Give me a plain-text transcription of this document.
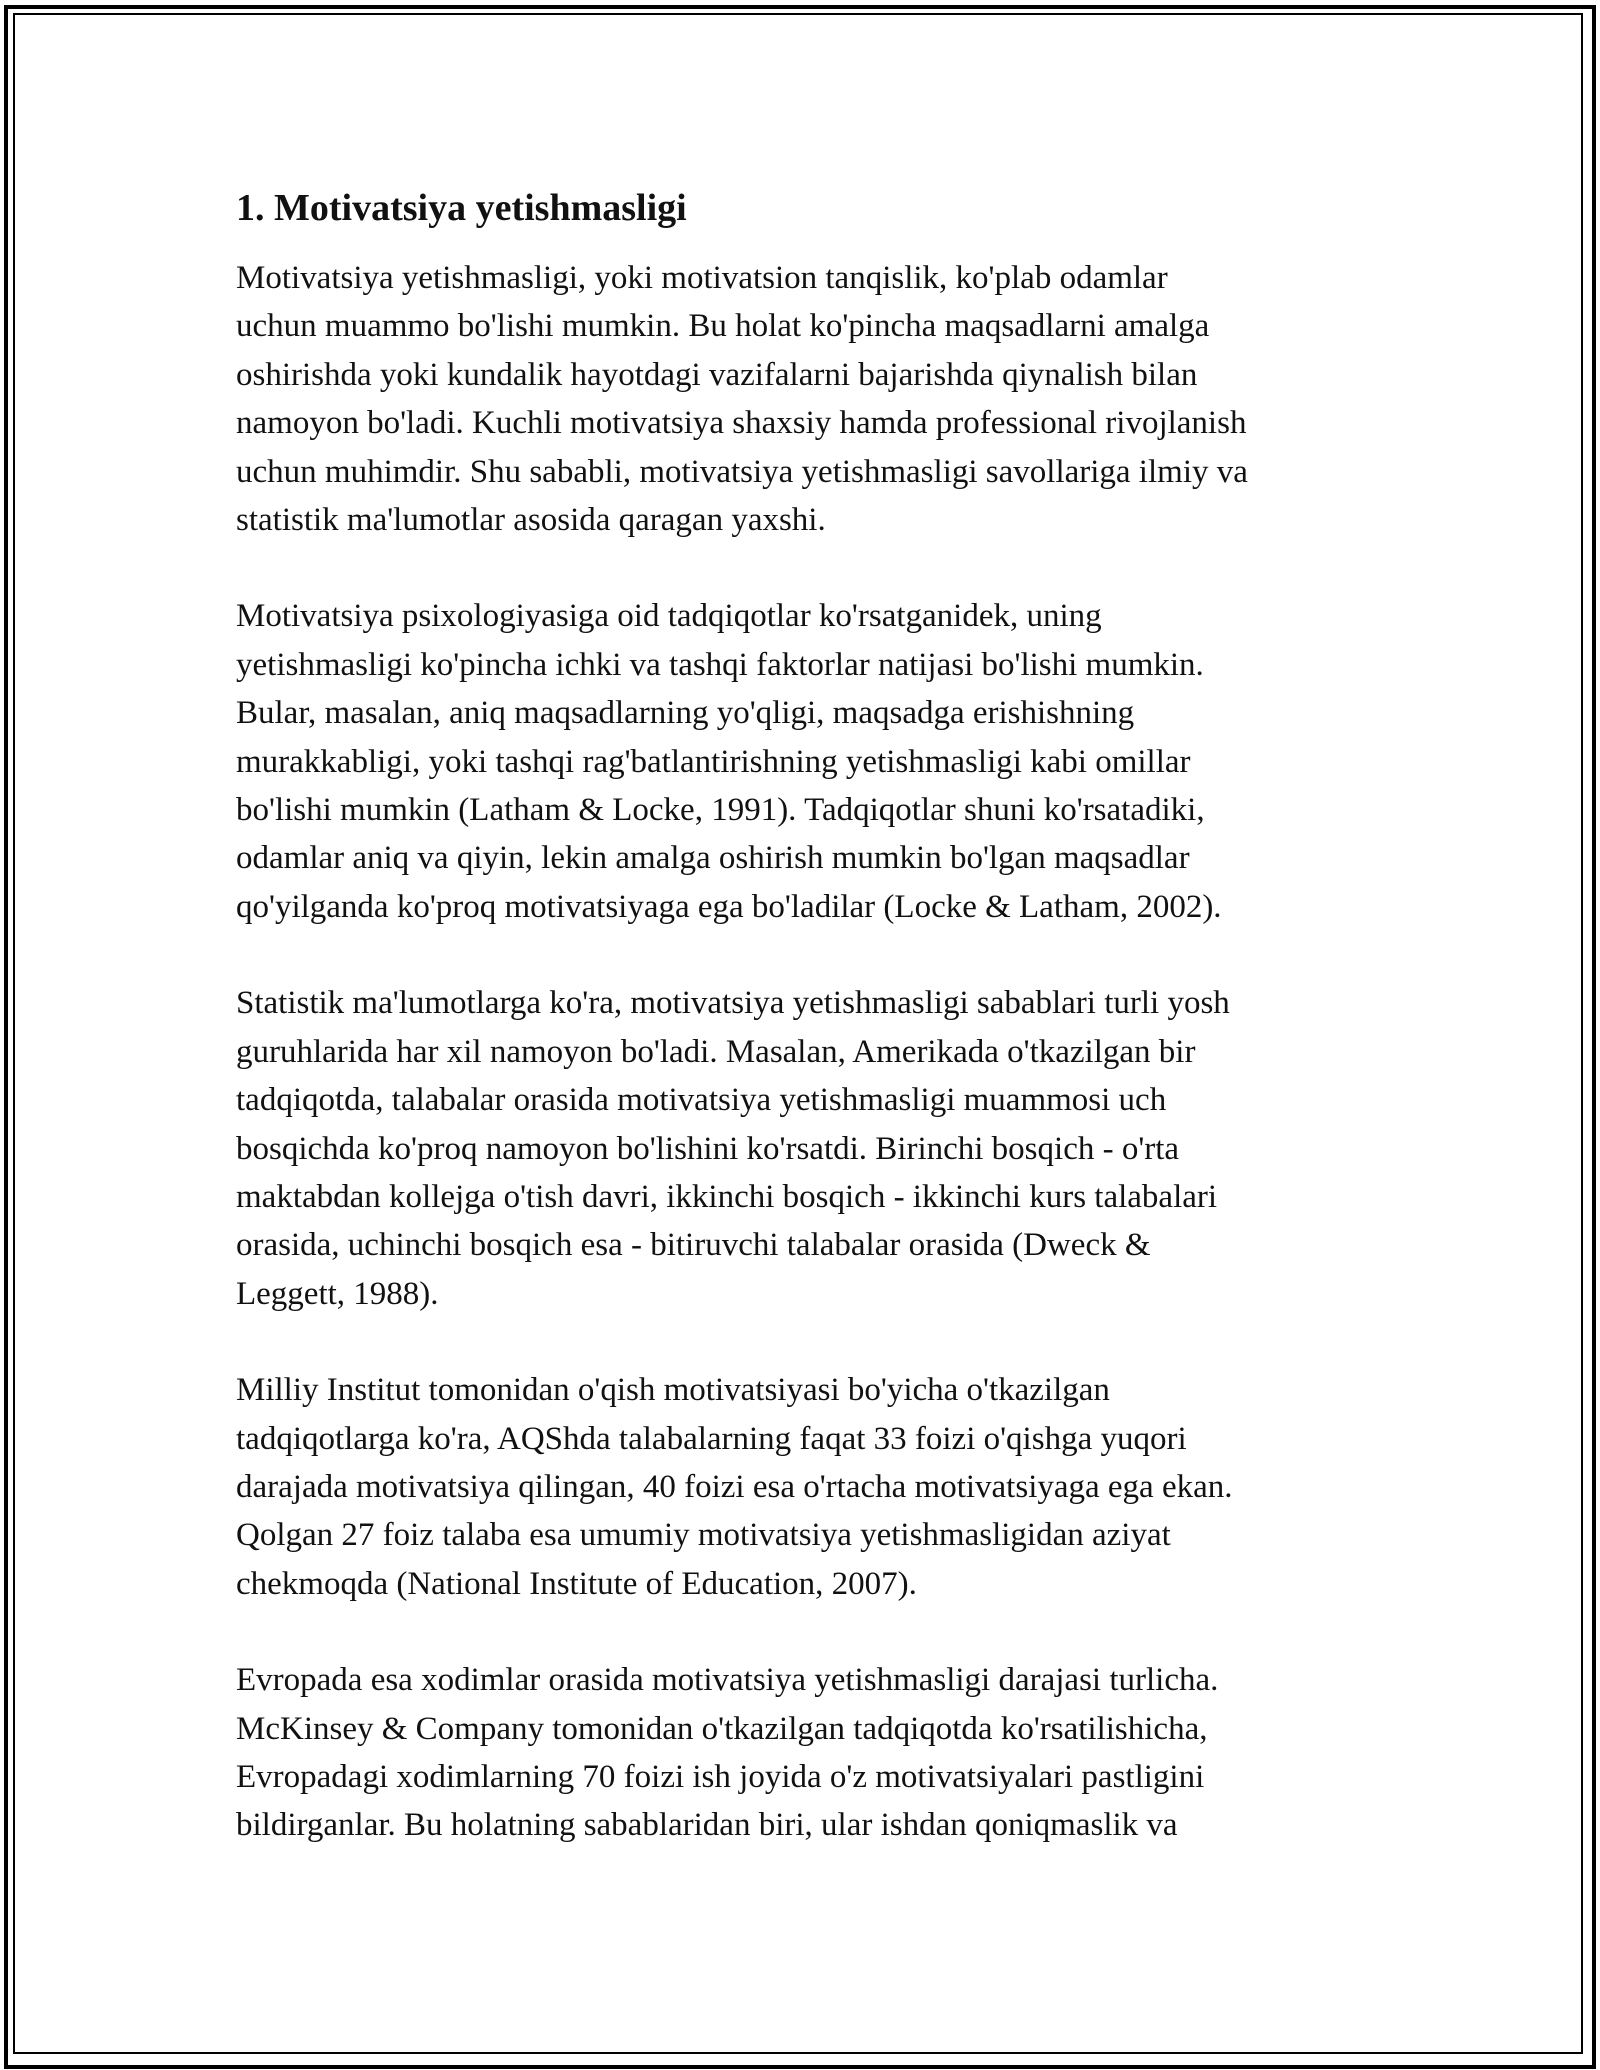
1. Motivatsiya yetishmasligi

Motivatsiya yetishmasligi, yoki motivatsion tanqislik, ko'plab odamlar
uchun muammo bo'lishi mumkin. Bu holat ko'pincha maqsadlarni amalga
oshirishda yoki kundalik hayotdagi vazifalarni bajarishda qiynalish bilan
namoyon bo'ladi. Kuchli motivatsiya shaxsiy hamda professional rivojlanish
uchun muhimdir. Shu sababli, motivatsiya yetishmasligi savollariga ilmiy va
statistik ma'lumotlar asosida qaragan yaxshi.

Motivatsiya psixologiyasiga oid tadqiqotlar ko'rsatganidek, uning
yetishmasligi ko'pincha ichki va tashqi faktorlar natijasi bo'lishi mumkin.
Bular, masalan, aniq maqsadlarning yo'qligi, maqsadga erishishning
murakkabligi, yoki tashqi rag'batlantirishning yetishmasligi kabi omillar
bo'lishi mumkin (Latham & Locke, 1991). Tadqiqotlar shuni ko'rsatadiki,
odamlar aniq va qiyin, lekin amalga oshirish mumkin bo'lgan maqsadlar
qo'yilganda ko'proq motivatsiyaga ega bo'ladilar (Locke & Latham, 2002).

Statistik ma'lumotlarga ko'ra, motivatsiya yetishmasligi sabablari turli yosh
guruhlarida har xil namoyon bo'ladi. Masalan, Amerikada o'tkazilgan bir
tadqiqotda, talabalar orasida motivatsiya yetishmasligi muammosi uch
bosqichda ko'proq namoyon bo'lishini ko'rsatdi. Birinchi bosqich - o'rta
maktabdan kollejga o'tish davri, ikkinchi bosqich - ikkinchi kurs talabalari
orasida, uchinchi bosqich esa - bitiruvchi talabalar orasida (Dweck &
Leggett, 1988).

Milliy Institut tomonidan o'qish motivatsiyasi bo'yicha o'tkazilgan
tadqiqotlarga ko'ra, AQShda talabalarning faqat 33 foizi o'qishga yuqori
darajada motivatsiya qilingan, 40 foizi esa o'rtacha motivatsiyaga ega ekan.
Qolgan 27 foiz talaba esa umumiy motivatsiya yetishmasligidan aziyat
chekmoqda (National Institute of Education, 2007).

Evropada esa xodimlar orasida motivatsiya yetishmasligi darajasi turlicha.
McKinsey & Company tomonidan o'tkazilgan tadqiqotda ko'rsatilishicha,
Evropadagi xodimlarning 70 foizi ish joyida o'z motivatsiyalari pastligini
bildirganlar. Bu holatning sabablaridan biri, ular ishdan qoniqmaslik va
